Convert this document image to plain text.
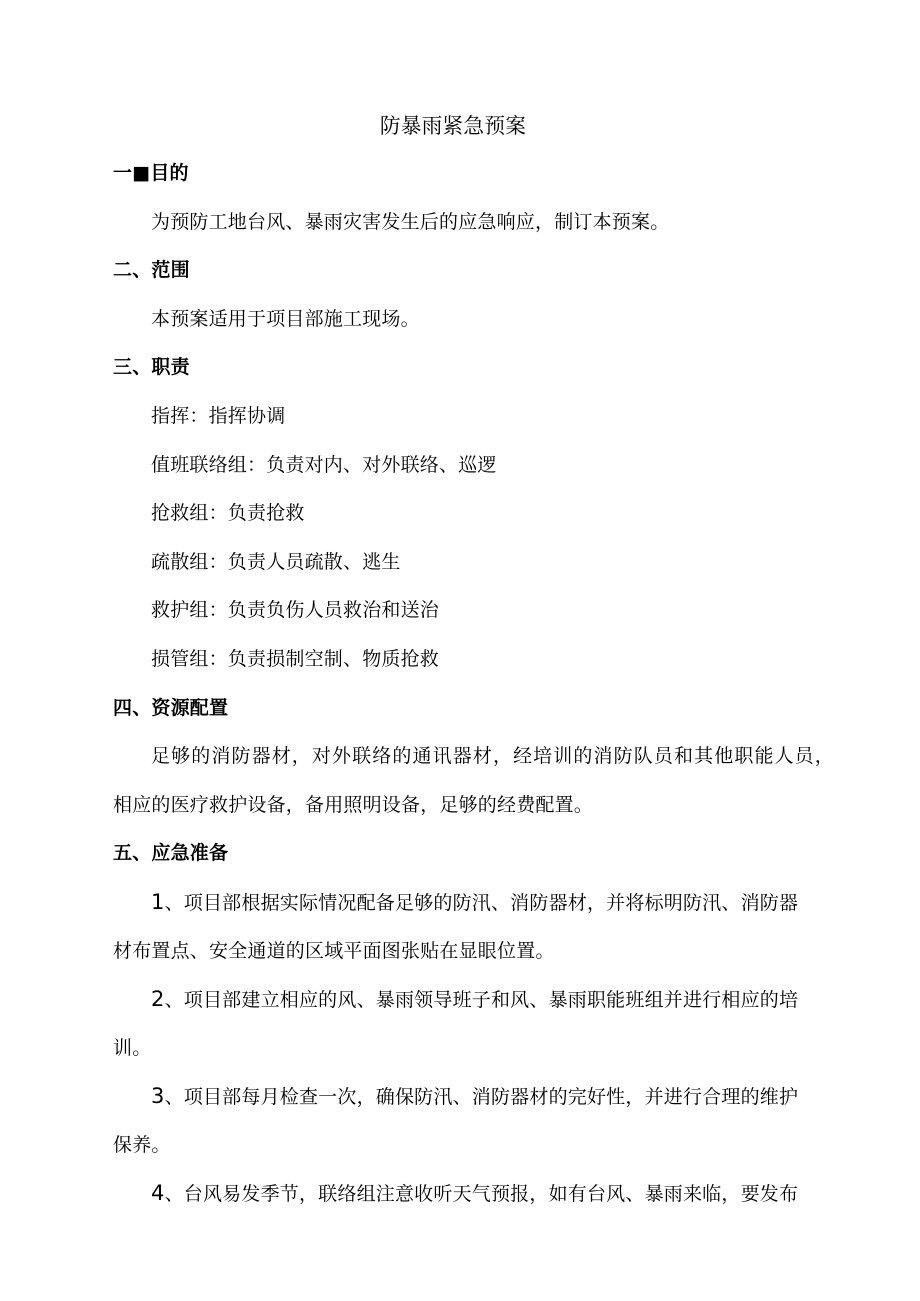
防暴雨紧急预案
一■目的
为预防工地台风、暴雨灾害发生后的应急响应，制订本预案。
二、范围
本预案适用于项目部施工现场。
三、职责
指挥：指挥协调
值班联络组：负责对内、对外联络、巡逻
抢救组：负责抢救
疏散组：负责人员疏散、逃生
救护组：负责负伤人员救治和送治
损管组：负责损制空制、物质抢救
四、资源配置
足够的消防器材，对外联络的通讯器材，经培训的消防队员和其他职能人员，
相应的医疗救护设备，备用照明设备，足够的经费配置。
五、应急准备
1、项目部根据实际情况配备足够的防汛、消防器材，并将标明防汛、消防器
材布置点、安全通道的区域平面图张贴在显眼位置。
2、项目部建立相应的风、暴雨领导班子和风、暴雨职能班组并进行相应的培
训。
3、项目部每月检查一次，确保防汛、消防器材的完好性，并进行合理的维护
保养。
4、台风易发季节，联络组注意收听天气预报，如有台风、暴雨来临，要发布
